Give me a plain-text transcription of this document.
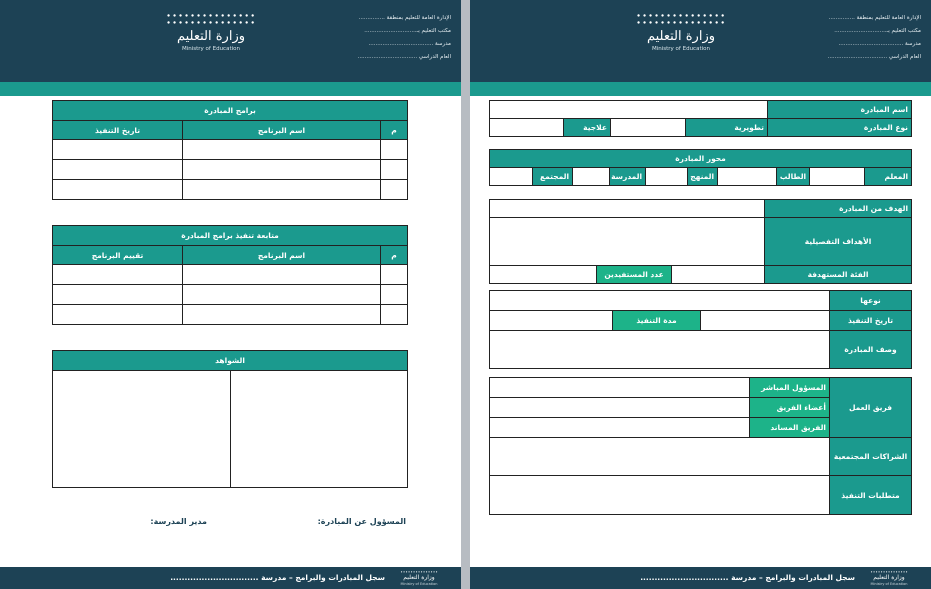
∙∙∙∙∙∙∙∙∙∙∙∙∙∙∙
∙∙∙∙∙∙∙∙∙∙∙∙∙∙∙
وزارة التعليم
Ministry of Education
الإدارة العامة للتعليم بمنطقة ...............
مكتب التعليم بـ..............................
مدرسة .....................................
العام الدراسي ..................................
برامج المبادرة		
م	اسم البرنامج	تاريخ التنفيذ

متابعة تنفيذ برامج المبادرة		
م	اسم البرنامج	تقييم البرنامج

الشواهد

المسؤول عن المبادرة:
مدير المدرسة:
∙∙∙∙∙∙∙∙∙∙∙∙∙∙∙
وزارة التعليم
Ministry of Education
سجل المبادرات والبرامج – مدرسة ...............................
∙∙∙∙∙∙∙∙∙∙∙∙∙∙∙
∙∙∙∙∙∙∙∙∙∙∙∙∙∙∙
وزارة التعليم
Ministry of Education
الإدارة العامة للتعليم بمنطقة ...............
مكتب التعليم بـ..............................
مدرسة .....................................
العام الدراسي ..................................
اسم المبادرة				
نوع المبادرة	تطويرية		علاجية	
محور المبادرة
المعلم		الطالب		المنهج		المدرسة		المجتمع	
الهدف من المبادرة			
الأهداف التفصيلية			
الفئة المستهدفة		عدد المستفيدين	
نوعها			
تاريخ التنفيذ		مدة التنفيذ	
وصف المبادرة			
فريق العمل	المسؤول المباشر	
	أعضاء الفريق	
	الفريق المساند	
الشراكات المجتمعية		
متطلبات التنفيذ		
∙∙∙∙∙∙∙∙∙∙∙∙∙∙∙
وزارة التعليم
Ministry of Education
سجل المبادرات والبرامج – مدرسة ...............................
